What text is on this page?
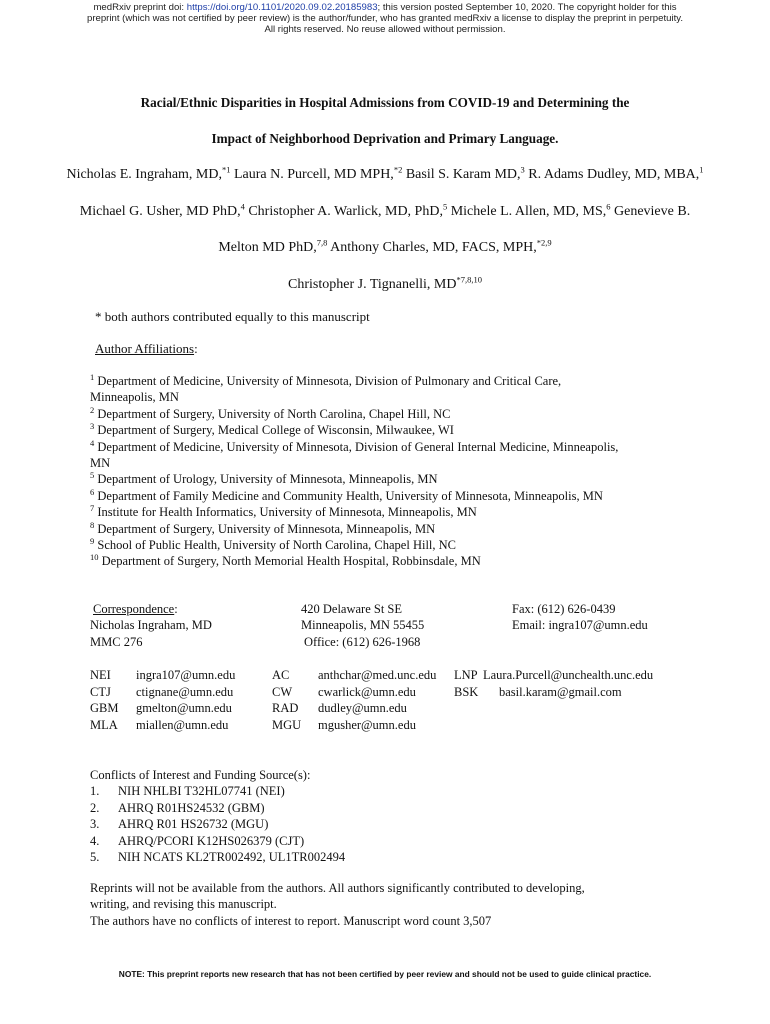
medRxiv preprint doi: https://doi.org/10.1101/2020.09.02.20185983; this version posted September 10, 2020. The copyright holder for this
preprint (which was not certified by peer review) is the author/funder, who has granted medRxiv a license to display the preprint in perpetuity.
All rights reserved. No reuse allowed without permission.
Racial/Ethnic Disparities in Hospital Admissions from COVID-19 and Determining the
Impact of Neighborhood Deprivation and Primary Language.
Nicholas E. Ingraham, MD,$^{*1}$ Laura N. Purcell, MD MPH,$^{*2}$ Basil S. Karam MD,$^3$ R. Adams Dudley, MD, MBA,$^1$ Michael G. Usher, MD PhD,$^4$ Christopher A. Warlick, MD, PhD,$^5$ Michele L. Allen, MD, MS,$^6$ Genevieve B. Melton MD PhD,$^{7,8}$ Anthony Charles, MD, FACS, MPH,$^{*2,9}$
Christopher J. Tignanelli, MD$^{*7,8,10}$
* both authors contributed equally to this manuscript
Author Affiliations:
$^1$ Department of Medicine, University of Minnesota, Division of Pulmonary and Critical Care,
Minneapolis, MN
$^2$ Department of Surgery, University of North Carolina, Chapel Hill, NC
$^3$ Department of Surgery, Medical College of Wisconsin, Milwaukee, WI
$^4$ Department of Medicine, University of Minnesota, Division of General Internal Medicine, Minneapolis,
MN
$^5$ Department of Urology, University of Minnesota, Minneapolis, MN
$^6$ Department of Family Medicine and Community Health, University of Minnesota, Minneapolis, MN
$^7$ Institute for Health Informatics, University of Minnesota, Minneapolis, MN
$^8$ Department of Surgery, University of Minnesota, Minneapolis, MN
$^9$ School of Public Health, University of North Carolina, Chapel Hill, NC
$^{10}$ Department of Surgery, North Memorial Health Hospital, Robbinsdale, MN
Correspondence:
Nicholas Ingraham, MD
MMC 276
420 Delaware St SE
Minneapolis, MN 55455
Office: (612) 626-1968
Fax: (612) 626-0439
Email: ingra107@umn.edu
NEI	ingra107@umn.edu	AC	anthchar@med.unc.edu	LNP	Laura.Purcell@unchealth.unc.edu
CTJ	ctignane@umn.edu	CW	cwarlick@umn.edu	BSK	basil.karam@gmail.com
GBM	gmelton@umn.edu	RAD	dudley@umn.edu		
MLA	miallen@umn.edu	MGU	mgusher@umn.edu		
Conflicts of Interest and Funding Source(s):
1. NIH NHLBI T32HL07741 (NEI)
2. AHRQ R01HS24532 (GBM)
3. AHRQ R01 HS26732 (MGU)
4. AHRQ/PCORI K12HS026379 (CJT)
5. NIH NCATS KL2TR002492, UL1TR002494
Reprints will not be available from the authors. All authors significantly contributed to developing,
writing, and revising this manuscript.
The authors have no conflicts of interest to report. Manuscript word count 3,507
NOTE: This preprint reports new research that has not been certified by peer review and should not be used to guide clinical practice.
